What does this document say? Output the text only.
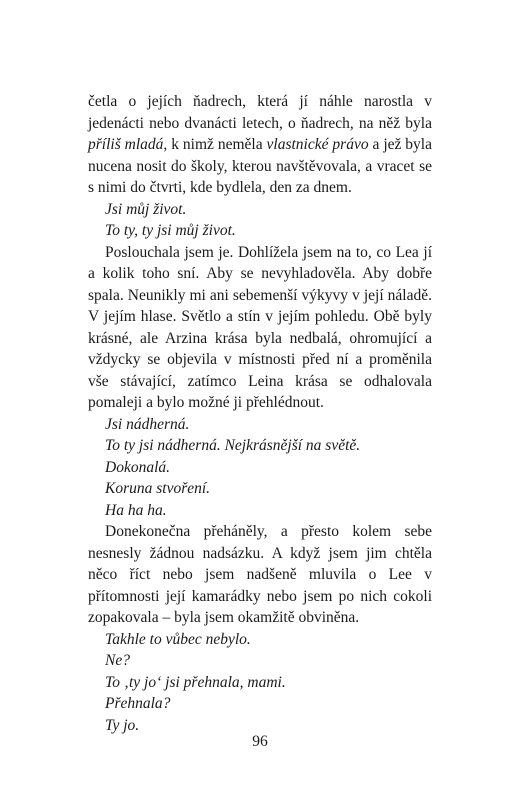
četla o jejích ňadrech, která jí náhle narostla v jedenácti nebo dvanácti letech, o ňadrech, na něž byla příliš mladá, k nimž neměla vlastnické právo a jež byla nucena nosit do školy, kterou navštěvovala, a vracet se s nimi do čtvrti, kde bydlela, den za dnem.

Jsi můj život.

To ty, ty jsi můj život.

Poslouchala jsem je. Dohlížela jsem na to, co Lea jí a kolik toho sní. Aby se nevyhladověla. Aby dobře spala. Neunikly mi ani sebemenší výkyvy v její náladě. V jejím hlase. Světlo a stín v jejím pohledu. Obě byly krásné, ale Arzina krása byla nedbalá, ohromující a vždycky se objevila v místnosti před ní a proměnila vše stávající, zatímco Leina krása se odhalovala pomaleji a bylo možné ji přehlédnout.

Jsi nádherná.

To ty jsi nádherná. Nejkrásnější na světě.

Dokonalá.

Koruna stvoření.

Ha ha ha.

Donekonečna přeháněly, a přesto kolem sebe nesnesly žádnou nadsázku. A když jsem jim chtěla něco říct nebo jsem nadšeně mluvila o Lee v přítomnosti její kamarádky nebo jsem po nich cokoli zopakovala – byla jsem okamžitě obviněna.

Takhle to vůbec nebylo.

Ne?

To ‚ty jo‘ jsi přehnala, mami.

Přehnala?

Ty jo.

96
